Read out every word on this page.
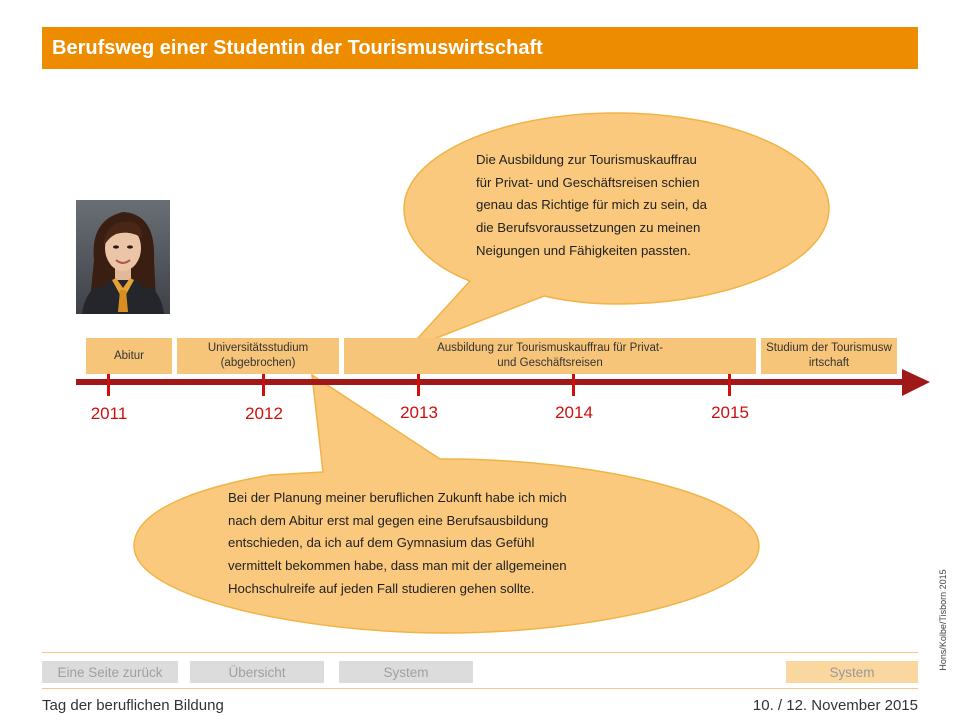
Berufsweg einer Studentin der Tourismuswirtschaft
Die Ausbildung zur Tourismuskauffrau
für Privat- und Geschäftsreisen schien
genau das Richtige für mich zu sein, da
die Berufsvoraussetzungen zu meinen
Neigungen und Fähigkeiten passten.
Bei der Planung meiner beruflichen Zukunft habe ich mich
nach dem Abitur erst mal gegen eine Berufsausbildung
entschieden, da ich auf dem Gymnasium das Gefühl
vermittelt bekommen habe, dass man mit der allgemeinen
Hochschulreife auf jeden Fall studieren gehen sollte.
Abitur
Universitätsstudium (abgebrochen)
Ausbildung zur Tourismuskauffrau für Privat- und Geschäftsreisen
Studium der Tourismuswirtschaft
2011	2012	2013	2014	2015
Hons/Kolbe/Tisborn 2015
Eine Seite zurück	Übersicht	System	System
Tag der beruflichen Bildung	10. / 12. November 2015
